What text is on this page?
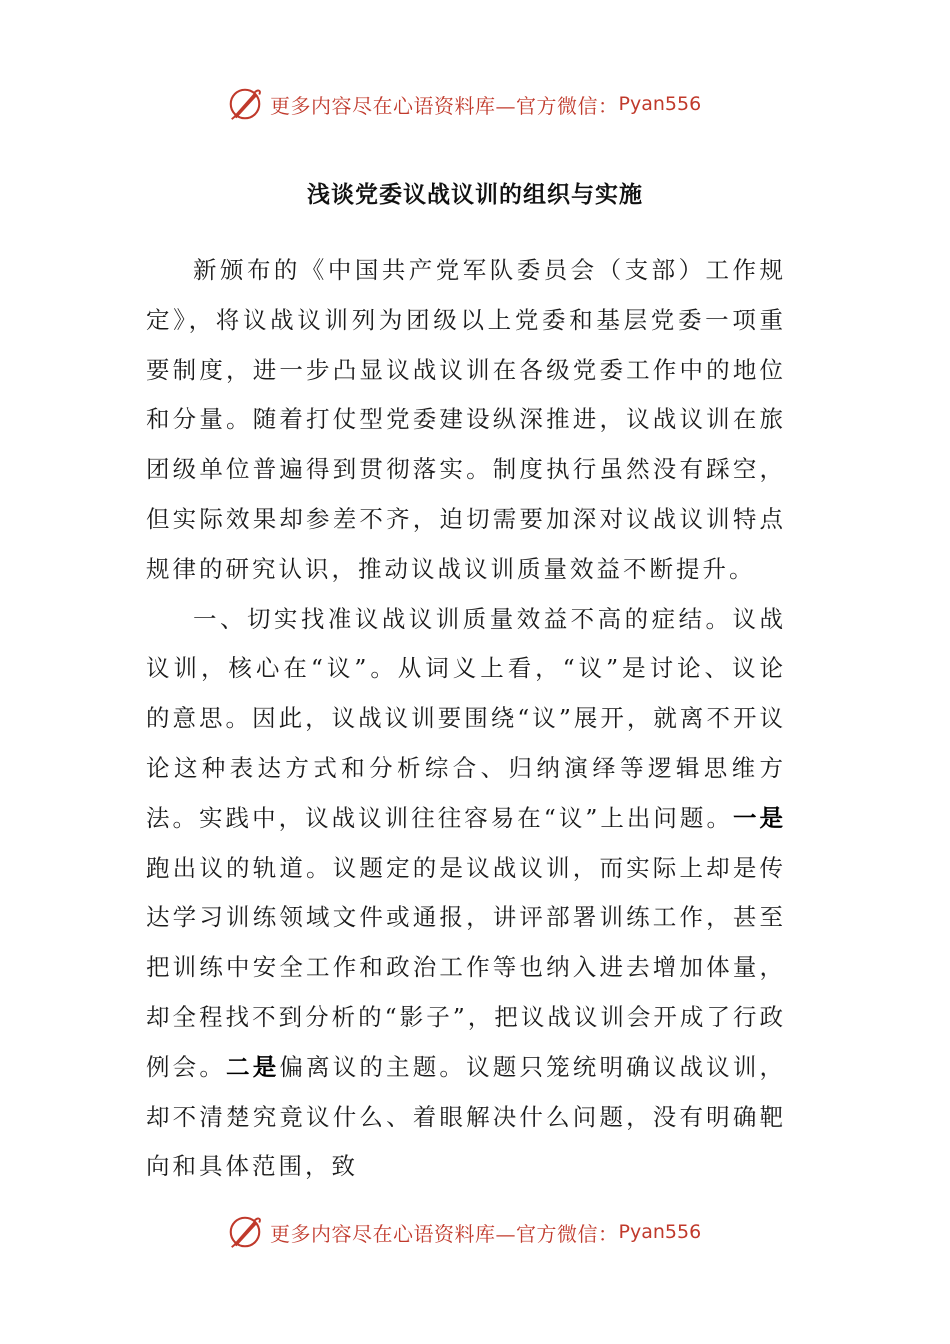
更多内容尽在心语资料库—官方微信： Pyan556
浅谈党委议战议训的组织与实施

新颁布的《中国共产党军队委员会（支部）工作规定》，将议战议训列为团级以上党委和基层党委一项重要制度，进一步凸显议战议训在各级党委工作中的地位和分量。随着打仗型党委建设纵深推进，议战议训在旅团级单位普遍得到贯彻落实。制度执行虽然没有踩空，但实际效果却参差不齐，迫切需要加深对议战议训特点规律的研究认识，推动议战议训质量效益不断提升。

一、切实找准议战议训质量效益不高的症结。议战议训，核心在“议”。从词义上看，“议”是讨论、议论的意思。因此，议战议训要围绕“议”展开，就离不开议论这种表达方式和分析综合、归纳演绎等逻辑思维方法。实践中，议战议训往往容易在“议”上出问题。一是跑出议的轨道。议题定的是议战议训，而实际上却是传达学习训练领域文件或通报，讲评部署训练工作，甚至把训练中安全工作和政治工作等也纳入进去增加体量，却全程找不到分析的“影子”，把议战议训会开成了行政例会。二是偏离议的主题。议题只笼统明确议战议训，却不清楚究竟议什么、着眼解决什么问题，没有明确靶向和具体范围，致

更多内容尽在心语资料库—官方微信： Pyan556
